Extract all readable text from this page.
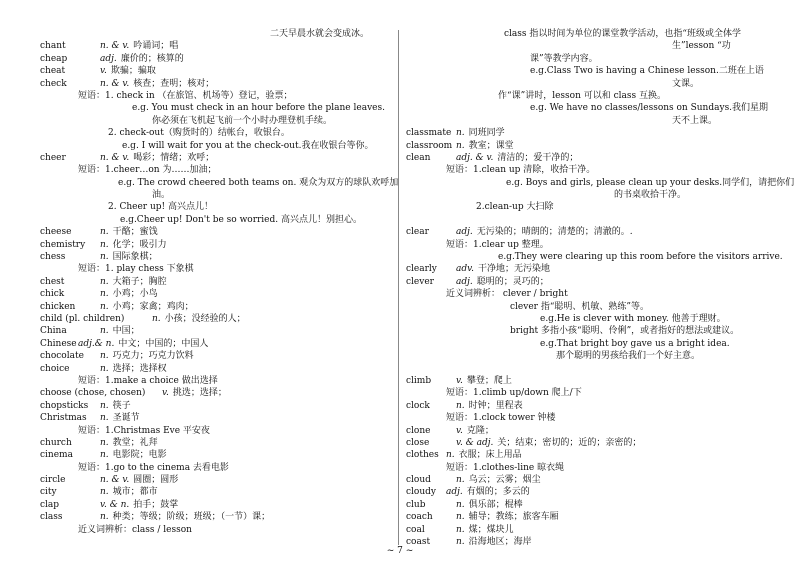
二天早晨水就会变成冰。
chant	n. & v. 吟诵词；唱
cheap	adj. 廉价的；核算的
cheat	v. 欺骗；骗取
check	n. & v. 核查；查明；核对；
短语：1. check in （在旅馆、机场等）登记，验票；
e.g. You must check in an hour before the plane leaves.
你必须在飞机起飞前一个小时办理登机手续。
2. check-out（购货时的）结帐台，收银台。
e.g. I will wait for you at the check-out.我在收银台等你。
cheer	n. & v. 喝彩；情绪；欢呼；
短语：1.cheer…on 为……加油；
e.g. The crowd cheered both teams on. 观众为双方的球队欢呼加
油。
2. Cheer up! 高兴点儿！
e.g.Cheer up! Don't be so worried. 高兴点儿！别担心。
cheese	n. 干酪；蜜饯
chemistry n. 化学；吸引力
chess	n. 国际象棋；
短语：1. play chess 下象棋
chest	n. 大箱子；胸腔
chick	n. 小鸡；小鸟
chicken	n. 小鸡；家禽；鸡肉；
child (pl. children)	n. 小孩；没经验的人；
China	n. 中国；
Chinese adj.& n. 中文；中国的；中国人
chocolate n. 巧克力；巧克力饮料
choice	n. 选择；选择权
短语：1.make a choice 做出选择
choose (chose, chosen) v. 挑选；选择；
chopsticks n. 筷子
Christmas n. 圣诞节
短语：1.Christmas Eve 平安夜
church	n. 教堂；礼拜
cinema	n. 电影院；电影
短语：1.go to the cinema 去看电影
circle	n. & v. 圆圈；圆形
city	n. 城市；都市
clap	v. & n. 拍手；鼓掌
class	n. 种类；等级；阶级；班级；（一节）课；
近义词辨析：class / lesson
class 指以时间为单位的课堂教学活动，也指“班级或全体学
生”lesson “功
课”等教学内容。
e.g.Class Two is having a Chinese lesson.二班在上语
文课。
作“课”讲时，lesson 可以和 class 互换。
e.g. We have no classes/lessons on Sundays.我们星期
天不上课。
classmate n. 同班同学
classroom n. 教室；课堂
clean	adj. & v. 清洁的；爱干净的；
短语：1.clean up 清除，收拾干净。
e.g. Boys and girls, please clean up your desks.同学们，请把你们
的书桌收拾干净。
2.clean-up 大扫除
clear	adj. 无污染的；晴朗的；清楚的；清澈的。.
短语：1.clear up 整理。
e.g.They were clearing up this room before the visitors arrive.
clearly adv. 干净地；无污染地
clever adj. 聪明的；灵巧的；
近义词辨析： clever / bright
clever 指“聪明、机敏、熟练”等。
e.g.He is clever with money. 他善于理财。
bright 多指小孩“聪明、伶俐”，或者指好的想法或建议。
e.g.That bright boy gave us a bright idea.
那个聪明的男孩给我们一个好主意。
climb	v. 攀登；爬上
短语：1.climb up/down 爬上/下
clock	n. 时钟；里程表
短语：1.clock tower 钟楼
clone	v. 克隆；
close	v. & adj. 关；结束；密切的；近的；亲密的；
clothes n. 衣服；床上用品
短语：1.clothes-line 晾衣绳
cloud	n. 乌云；云雾；烟尘
cloudy adj. 有烟的；多云的
club	n. 俱乐部；棍棒
coach	n. 辅导；教练；旅客车厢
coal	n. 煤；煤块儿
coast	n. 沿海地区；海岸
~ 7 ~
